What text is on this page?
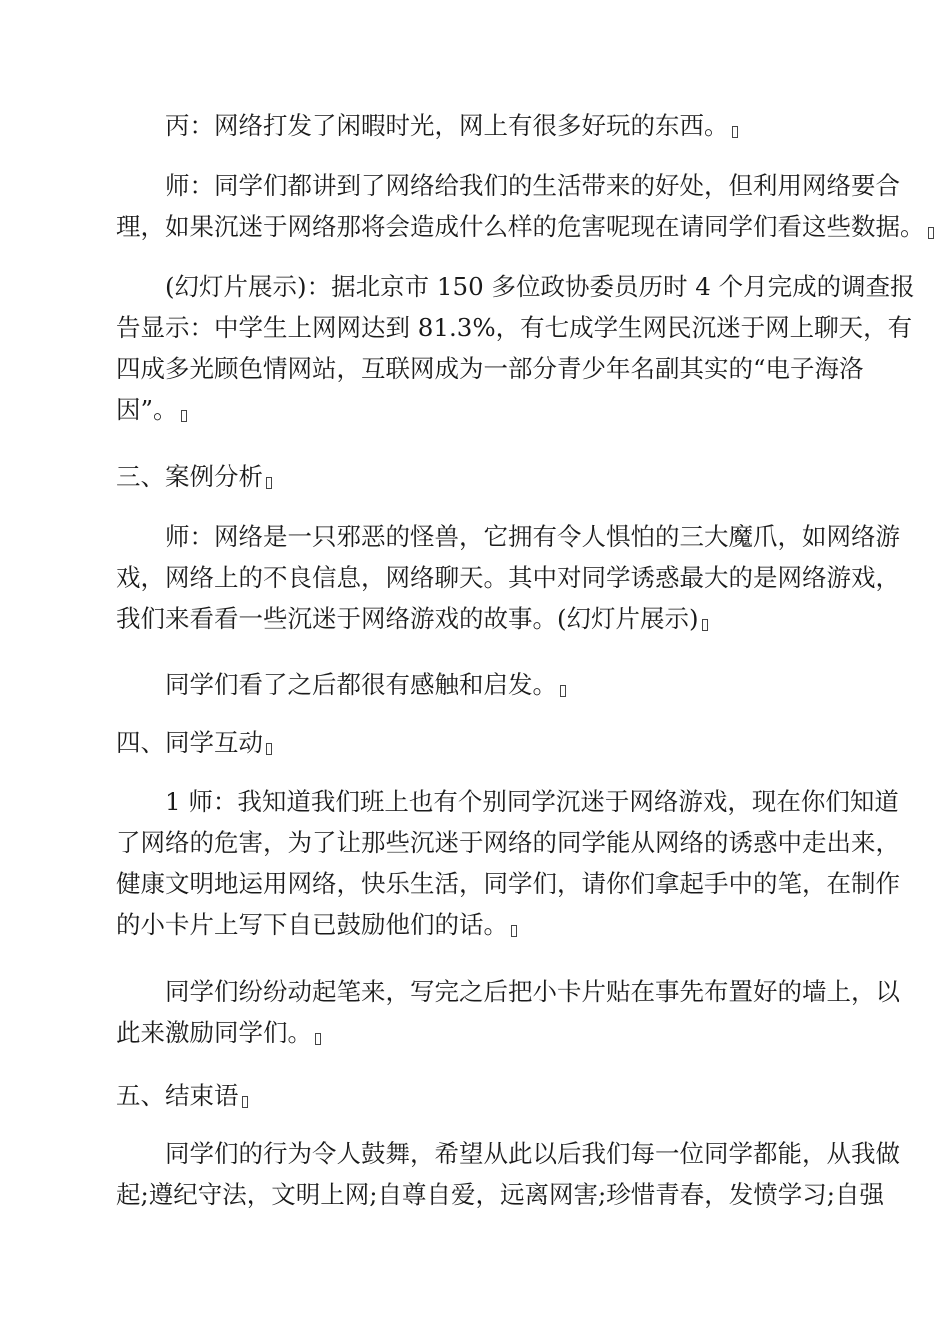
　　丙：网络打发了闲暇时光，网上有很多好玩的东西。
　　师：同学们都讲到了网络给我们的生活带来的好处，但利用网络要合
理，如果沉迷于网络那将会造成什么样的危害呢现在请同学们看这些数据。
　　(幻灯片展示)：据北京市 150 多位政协委员历时 4 个月完成的调查报
告显示：中学生上网网达到 81.3%，有七成学生网民沉迷于网上聊天，有
四成多光顾色情网站，互联网成为一部分青少年名副其实的“电子海洛
因”。
三、案例分析
　　师：网络是一只邪恶的怪兽，它拥有令人惧怕的三大魔爪，如网络游
戏，网络上的不良信息，网络聊天。其中对同学诱惑最大的是网络游戏，
我们来看看一些沉迷于网络游戏的故事。(幻灯片展示)
　　同学们看了之后都很有感触和启发。
四、同学互动
　　1 师：我知道我们班上也有个别同学沉迷于网络游戏，现在你们知道
了网络的危害，为了让那些沉迷于网络的同学能从网络的诱惑中走出来，
健康文明地运用网络，快乐生活，同学们，请你们拿起手中的笔，在制作
的小卡片上写下自已鼓励他们的话。
　　同学们纷纷动起笔来，写完之后把小卡片贴在事先布置好的墙上，以
此来激励同学们。
五、结束语
　　同学们的行为令人鼓舞，希望从此以后我们每一位同学都能，从我做
起;遵纪守法，文明上网;自尊自爱，远离网害;珍惜青春，发愤学习;自强
